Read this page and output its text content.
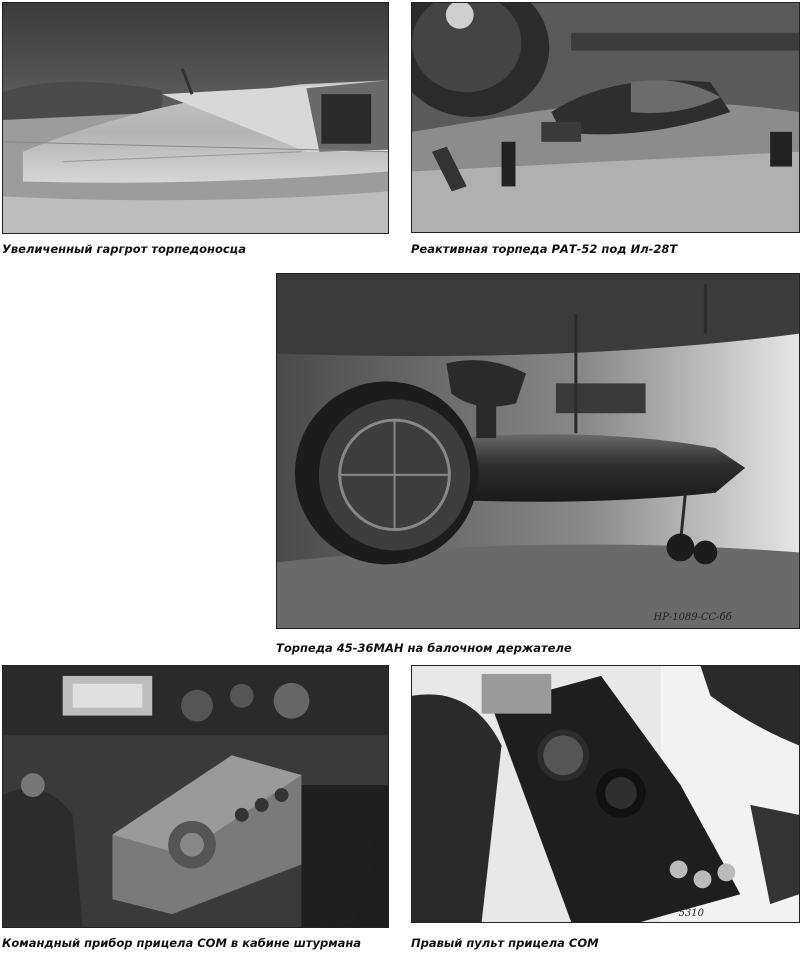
Увеличенный гаргрот торпедоносца	Реактивная торпеда РАТ-52 под Ил-28Т
НР-1089-СС-бб
Торпеда 45-36МАН на балочном держателе
НР-1140-СС-бб
5318ф
Командный прибор прицела СОМ в кабине штурмана
5310
Правый пульт прицела СОМ
